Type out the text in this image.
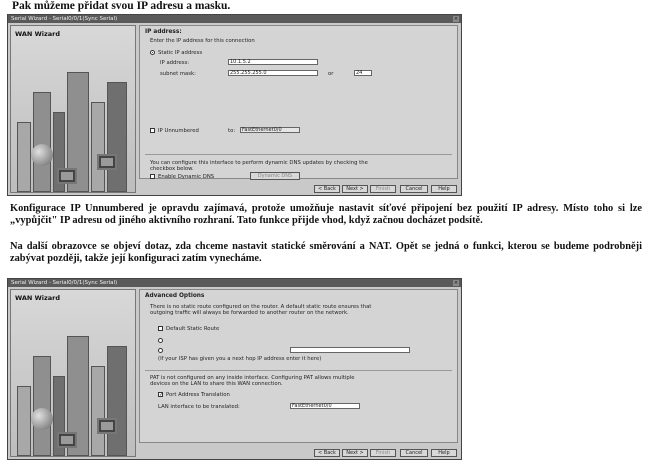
Pak můžeme přidat svou IP adresu a masku.
Serial Wizard - Serial0/0/1(Sync Serial)	×
WAN Wizard	IP address:
Enter the IP address for this connection
Static IP address
IP address:	10.1.5.2
subnet mask:	255.255.255.0	or	24
IP Unnumbered	to:	FastEthernet0/0
You can configure this interface to perform dynamic DNS updates by checking the
checkbox below.
Enable Dynamic DNS	Dynamic DNS
< Back	Next >	Finish	Cancel	Help
Konfigurace IP Unnumbered je opravdu zajímavá, protože umožňuje nastavit síťové připojení bez použití IP adresy. Místo toho si lze „vypůjčit" IP adresu od jiného aktivního rozhraní. Tato funkce přijde vhod, když začnou docházet podsítě.
Na další obrazovce se objeví dotaz, zda chceme nastavit statické směrování a NAT. Opět se jedná o funkci, kterou se budeme podrobněji zabývat později, takže její konfiguraci zatím vynecháme.
Serial Wizard - Serial0/0/1(Sync Serial)	×
WAN Wizard	Advanced Options
There is no static route configured on the router. A default static route ensures that
outgoing traffic will always be forwarded to another router on the network.
Default Static Route
(If your ISP has given you a next hop IP address enter it here)
PAT is not configured on any inside interface. Configuring PAT allows multiple
devices on the LAN to share this WAN connection.
✓ Port Address Translation
LAN interface to be translated:	FastEthernet0/0
< Back	Next >	Finish	Cancel	Help
